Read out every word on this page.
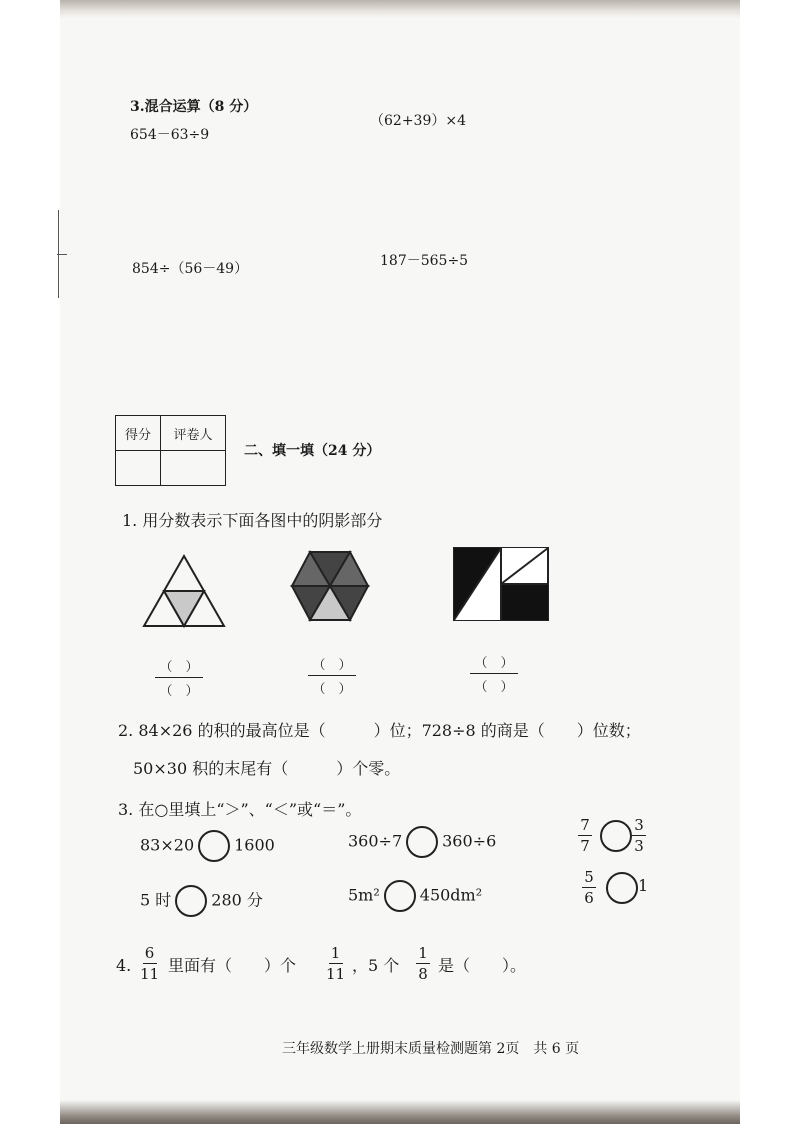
3.混合运算（8 分）
654－63÷9
（62+39）×4
854÷（56－49）	187－565÷5
得分	评卷人

二、填一填（24 分）
1. 用分数表示下面各图中的阴影部分
（　）
（　）
（　）
（　）
（　）
（　）
2. 84×26 的积的最高位是（　　　）位；728÷8 的商是（　　）位数；
50×30 积的末尾有（　　　）个零。
3. 在○里填上“＞”、“＜”或“＝”。
83×20	1600	360÷7	360÷6
7
7
3
3
5 时	280 分	5m²	450dm²
5
6
1
4.
6
11 里面有（　　）个
1
11 ，5 个
1
8 是（　　）。
三年级数学上册期末质量检测题第 2页　共 6 页
